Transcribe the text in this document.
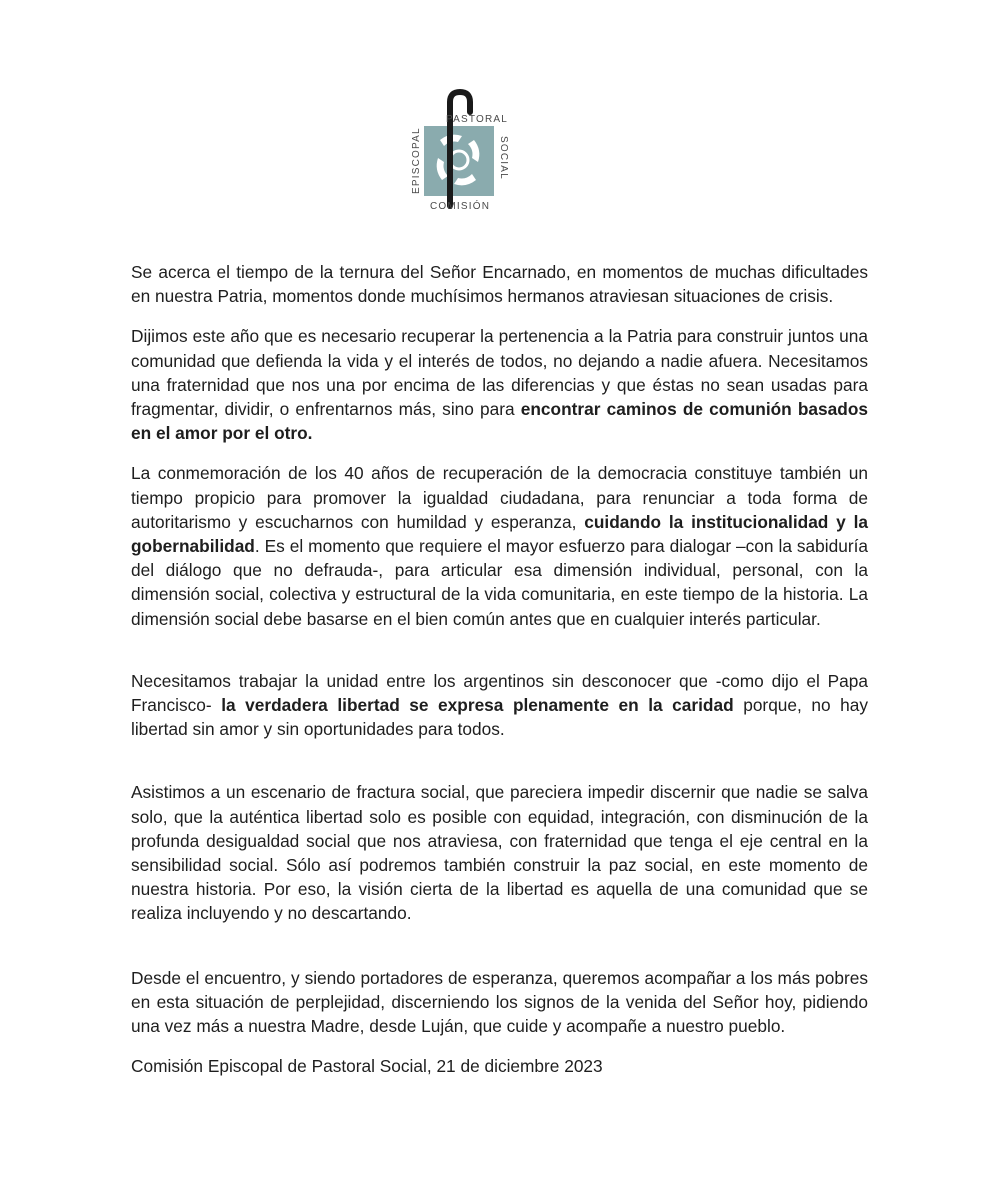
PASTORAL
EPISCOPAL	SOCIAL
COMISIÓN

Se acerca el tiempo de la ternura del Señor Encarnado, en momentos de muchas dificultades en nuestra Patria, momentos donde muchísimos hermanos atraviesan situaciones de crisis.

Dijimos este año que es necesario recuperar la pertenencia a la Patria para construir juntos una comunidad que defienda la vida y el interés de todos, no dejando a nadie afuera. Necesitamos una fraternidad que nos una por encima de las diferencias y que éstas no sean usadas para fragmentar, dividir, o enfrentarnos más, sino para encontrar caminos de comunión basados en el amor por el otro.

La conmemoración de los 40 años de recuperación de la democracia constituye también un tiempo propicio para promover la igualdad ciudadana, para renunciar a toda forma de autoritarismo y escucharnos con humildad y esperanza, cuidando la institucionalidad y la gobernabilidad. Es el momento que requiere el mayor esfuerzo para dialogar –con la sabiduría del diálogo que no defrauda-, para articular esa dimensión individual, personal, con la dimensión social, colectiva y estructural de la vida comunitaria, en este tiempo de la historia. La dimensión social debe basarse en el bien común antes que en cualquier interés particular.

Necesitamos trabajar la unidad entre los argentinos sin desconocer que -como dijo el Papa Francisco- la verdadera libertad se expresa plenamente en la caridad porque, no hay libertad sin amor y sin oportunidades para todos.

Asistimos a un escenario de fractura social, que pareciera impedir discernir que nadie se salva solo, que la auténtica libertad solo es posible con equidad, integración, con disminución de la profunda desigualdad social que nos atraviesa, con fraternidad que tenga el eje central en la sensibilidad social. Sólo así podremos también construir la paz social, en este momento de nuestra historia. Por eso, la visión cierta de la libertad es aquella de una comunidad que se realiza incluyendo y no descartando.

Desde el encuentro, y siendo portadores de esperanza, queremos acompañar a los más pobres en esta situación de perplejidad, discerniendo los signos de la venida del Señor hoy, pidiendo una vez más a nuestra Madre, desde Luján, que cuide y acompañe a nuestro pueblo.

Comisión Episcopal de Pastoral Social, 21 de diciembre 2023
